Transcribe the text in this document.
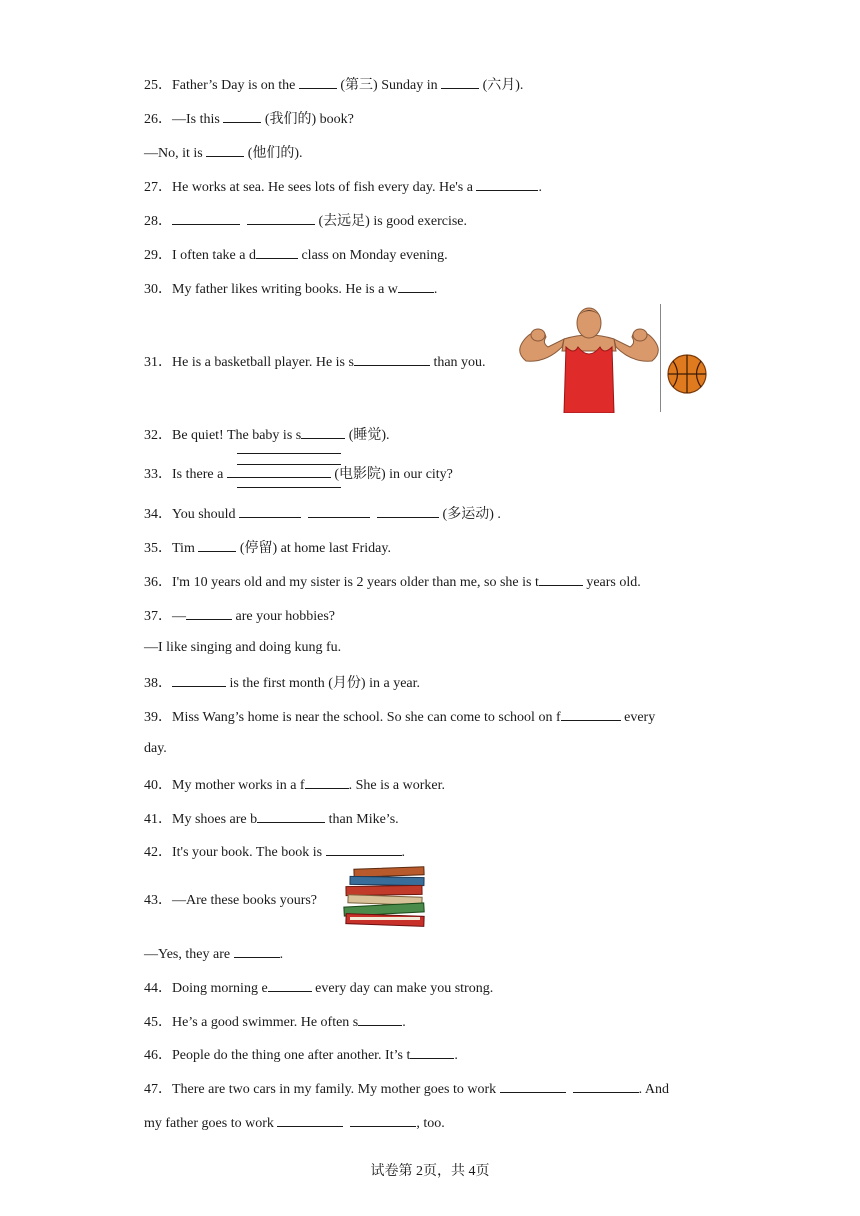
25．Father’s Day is on the	(第三) Sunday in	(六月).
26．—Is this	(我们的) book?
—No, it is	(他们的).
27．He works at sea. He sees lots of fish every day. He's a	.
28．	(去远足) is good exercise.
29．I often take a d	class on Monday evening.
30．My father likes writing books. He is a w	.
31．He is a basketball player. He is s	than you.
32．Be quiet! The baby is s	(睡觉).
33．Is there a	(电影院) in our city?
34．You should	(多运动) .
35．Tim	(停留) at home last Friday.
36．I'm 10 years old and my sister is 2 years older than me, so she is t	years old.
37．—	are your hobbies?
—I like singing and doing kung fu.
38．	is the first month (月份) in a year.
39．Miss Wang’s home is near the school. So she can come to school on f	every
day.
40．My mother works in a f	. She is a worker.
41．My shoes are b	than Mike’s.
42．It's your book. The book is	.
43．—Are these books yours?
—Yes, they are	.
44．Doing morning e	every day can make you strong.
45．He’s a good swimmer. He often s	.
46．People do the thing one after another. It’s t	.
47．There are two cars in my family. My mother goes to work	. And
my father goes to work	, too.
试卷第 2页，共 4页
